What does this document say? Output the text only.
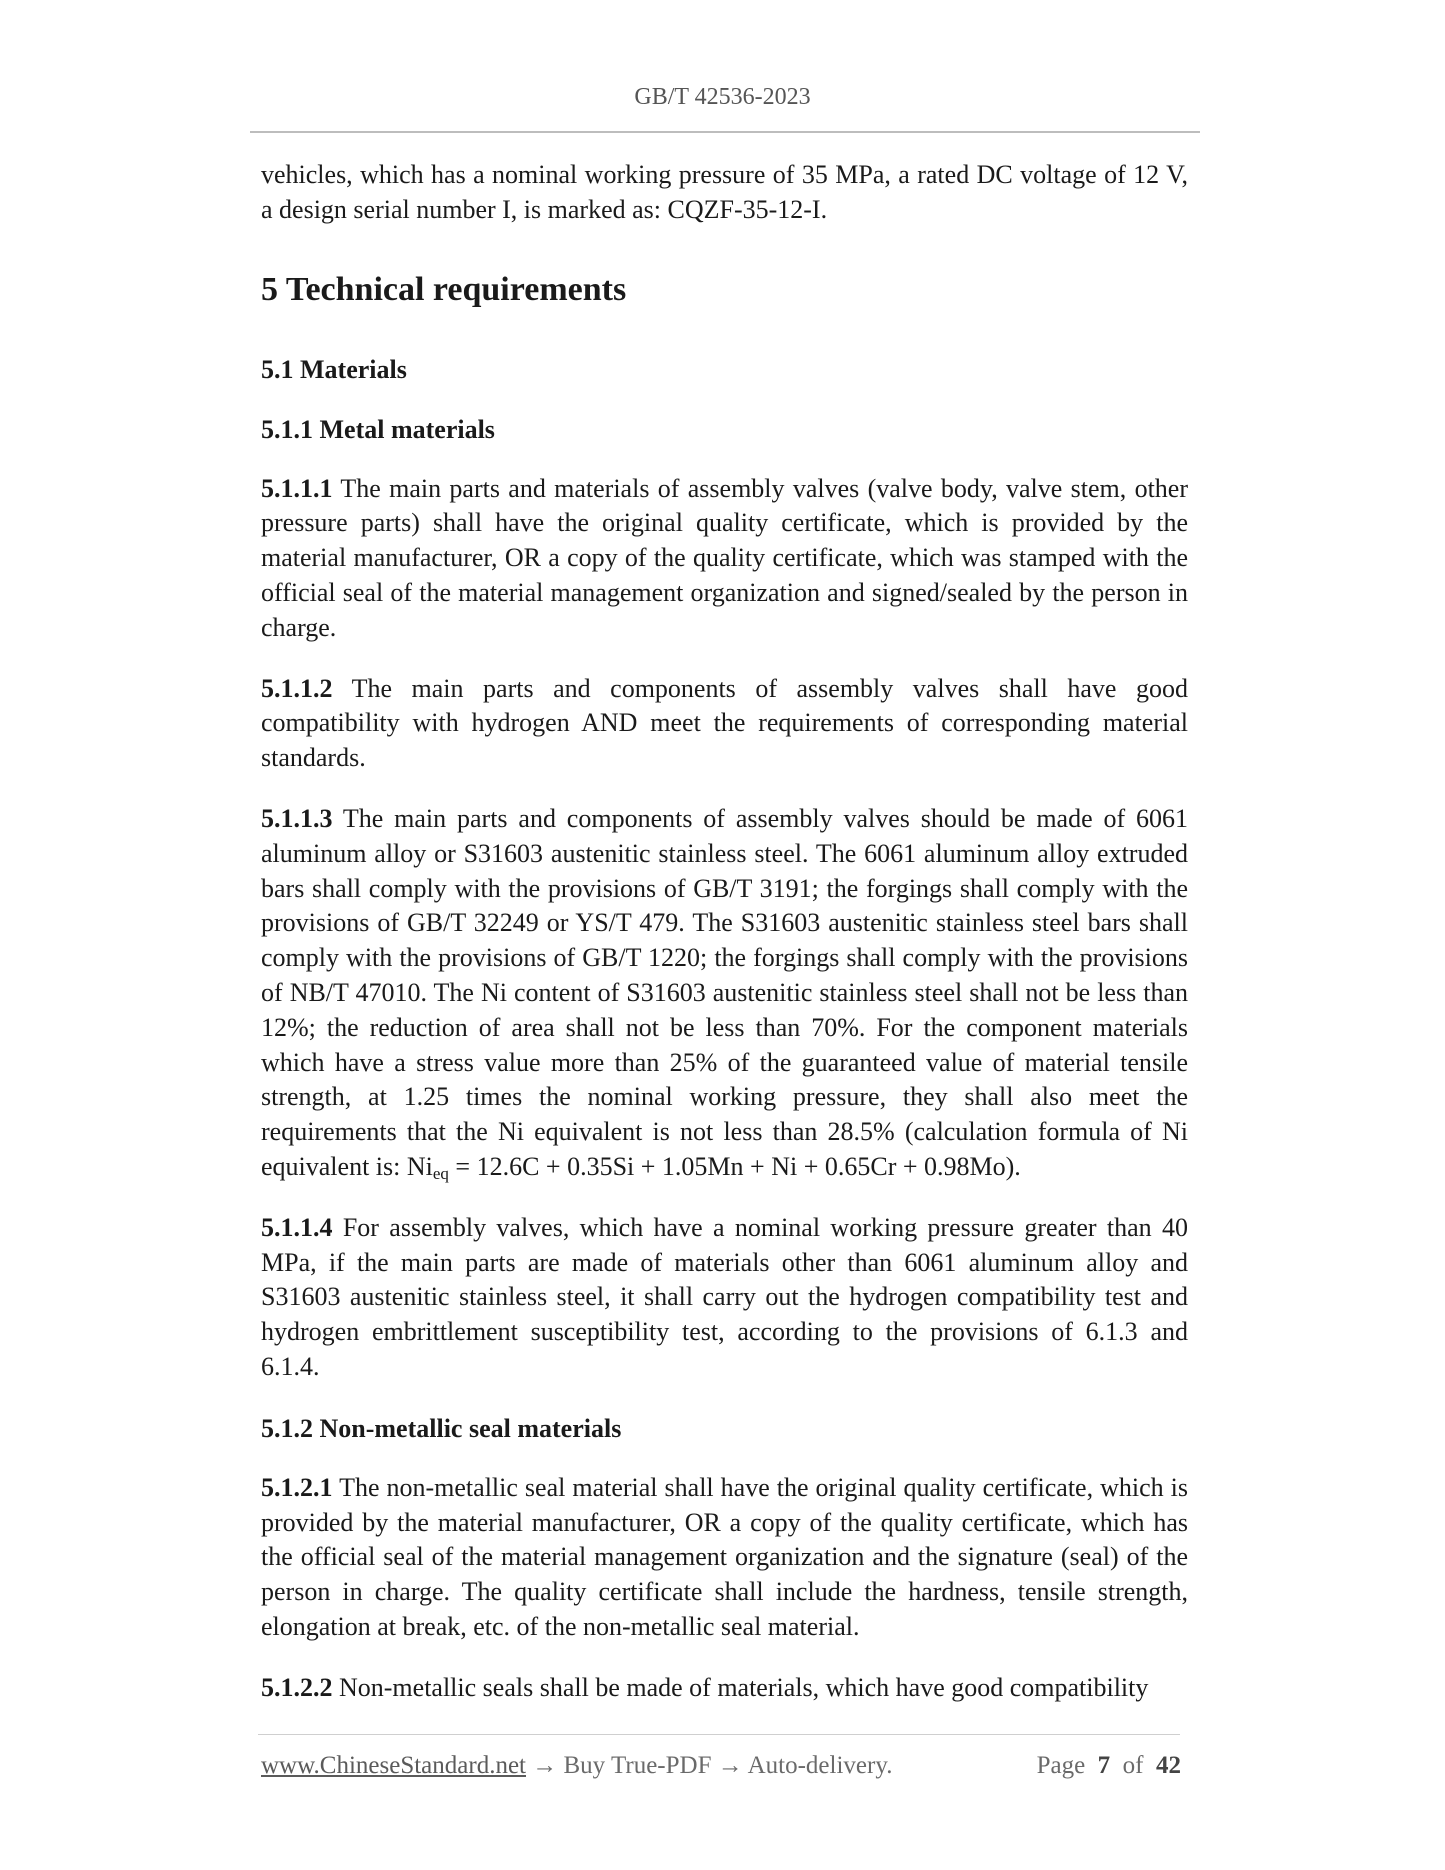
GB/T 42536-2023

vehicles, which has a nominal working pressure of 35 MPa, a rated DC voltage of 12 V, a design serial number I, is marked as: CQZF-35-12-I.

5 Technical requirements
5.1 Materials
5.1.1 Metal materials

5.1.1.1 The main parts and materials of assembly valves (valve body, valve stem, other pressure parts) shall have the original quality certificate, which is provided by the material manufacturer, OR a copy of the quality certificate, which was stamped with the official seal of the material management organization and signed/sealed by the person in charge.

5.1.1.2 The main parts and components of assembly valves shall have good compatibility with hydrogen AND meet the requirements of corresponding material standards.

5.1.1.3 The main parts and components of assembly valves should be made of 6061 aluminum alloy or S31603 austenitic stainless steel. The 6061 aluminum alloy extruded bars shall comply with the provisions of GB/T 3191; the forgings shall comply with the provisions of GB/T 32249 or YS/T 479. The S31603 austenitic stainless steel bars shall comply with the provisions of GB/T 1220; the forgings shall comply with the provisions of NB/T 47010. The Ni content of S31603 austenitic stainless steel shall not be less than 12%; the reduction of area shall not be less than 70%. For the component materials which have a stress value more than 25% of the guaranteed value of material tensile strength, at 1.25 times the nominal working pressure, they shall also meet the requirements that the Ni equivalent is not less than 28.5% (calculation formula of Ni equivalent is: $Ni_{eq} = 12.6C + 0.35Si + 1.05Mn + Ni + 0.65Cr + 0.98Mo$).

5.1.1.4 For assembly valves, which have a nominal working pressure greater than 40 MPa, if the main parts are made of materials other than 6061 aluminum alloy and S31603 austenitic stainless steel, it shall carry out the hydrogen compatibility test and hydrogen embrittlement susceptibility test, according to the provisions of 6.1.3 and 6.1.4.

5.1.2 Non-metallic seal materials

5.1.2.1 The non-metallic seal material shall have the original quality certificate, which is provided by the material manufacturer, OR a copy of the quality certificate, which has the official seal of the material management organization and the signature (seal) of the person in charge. The quality certificate shall include the hardness, tensile strength, elongation at break, etc. of the non-metallic seal material.

5.1.2.2 Non-metallic seals shall be made of materials, which have good compatibility

www.ChineseStandard.net → Buy True-PDF → Auto-delivery.	Page 7 of 42
